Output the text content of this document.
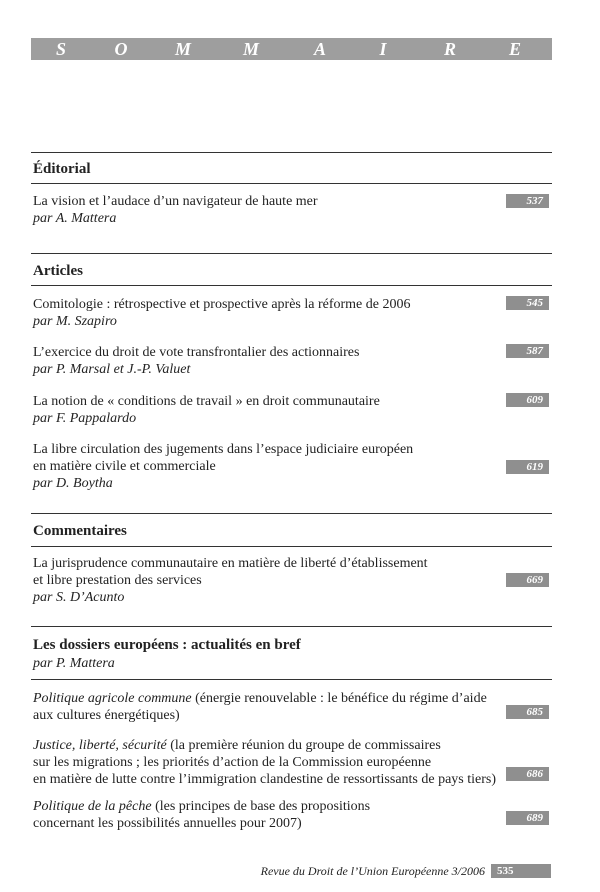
S	O	M	M	A	I	R	E
Éditorial
La vision et l’audace d’un navigateur de haute mer
par A. Mattera
537
Articles
Comitologie : rétrospective et prospective après la réforme de 2006
par M. Szapiro
545
L’exercice du droit de vote transfrontalier des actionnaires
par P. Marsal et J.-P. Valuet
587
La notion de « conditions de travail » en droit communautaire
par F. Pappalardo
609
La libre circulation des jugements dans l’espace judiciaire européen
en matière civile et commerciale
par D. Boytha
619
Commentaires
La jurisprudence communautaire en matière de liberté d’établissement
et libre prestation des services
par S. D’Acunto
669
Les dossiers européens : actualités en bref
par P. Mattera
Politique agricole commune (énergie renouvelable : le bénéfice du régime d’aide
aux cultures énergétiques)	685
Justice, liberté, sécurité (la première réunion du groupe de commissaires
sur les migrations ; les priorités d’action de la Commission européenne
en matière de lutte contre l’immigration clandestine de ressortissants de pays tiers)	686
Politique de la pêche (les principes de base des propositions
concernant les possibilités annuelles pour 2007)	689
Revue du Droit de l’Union Européenne 3/2006	535
